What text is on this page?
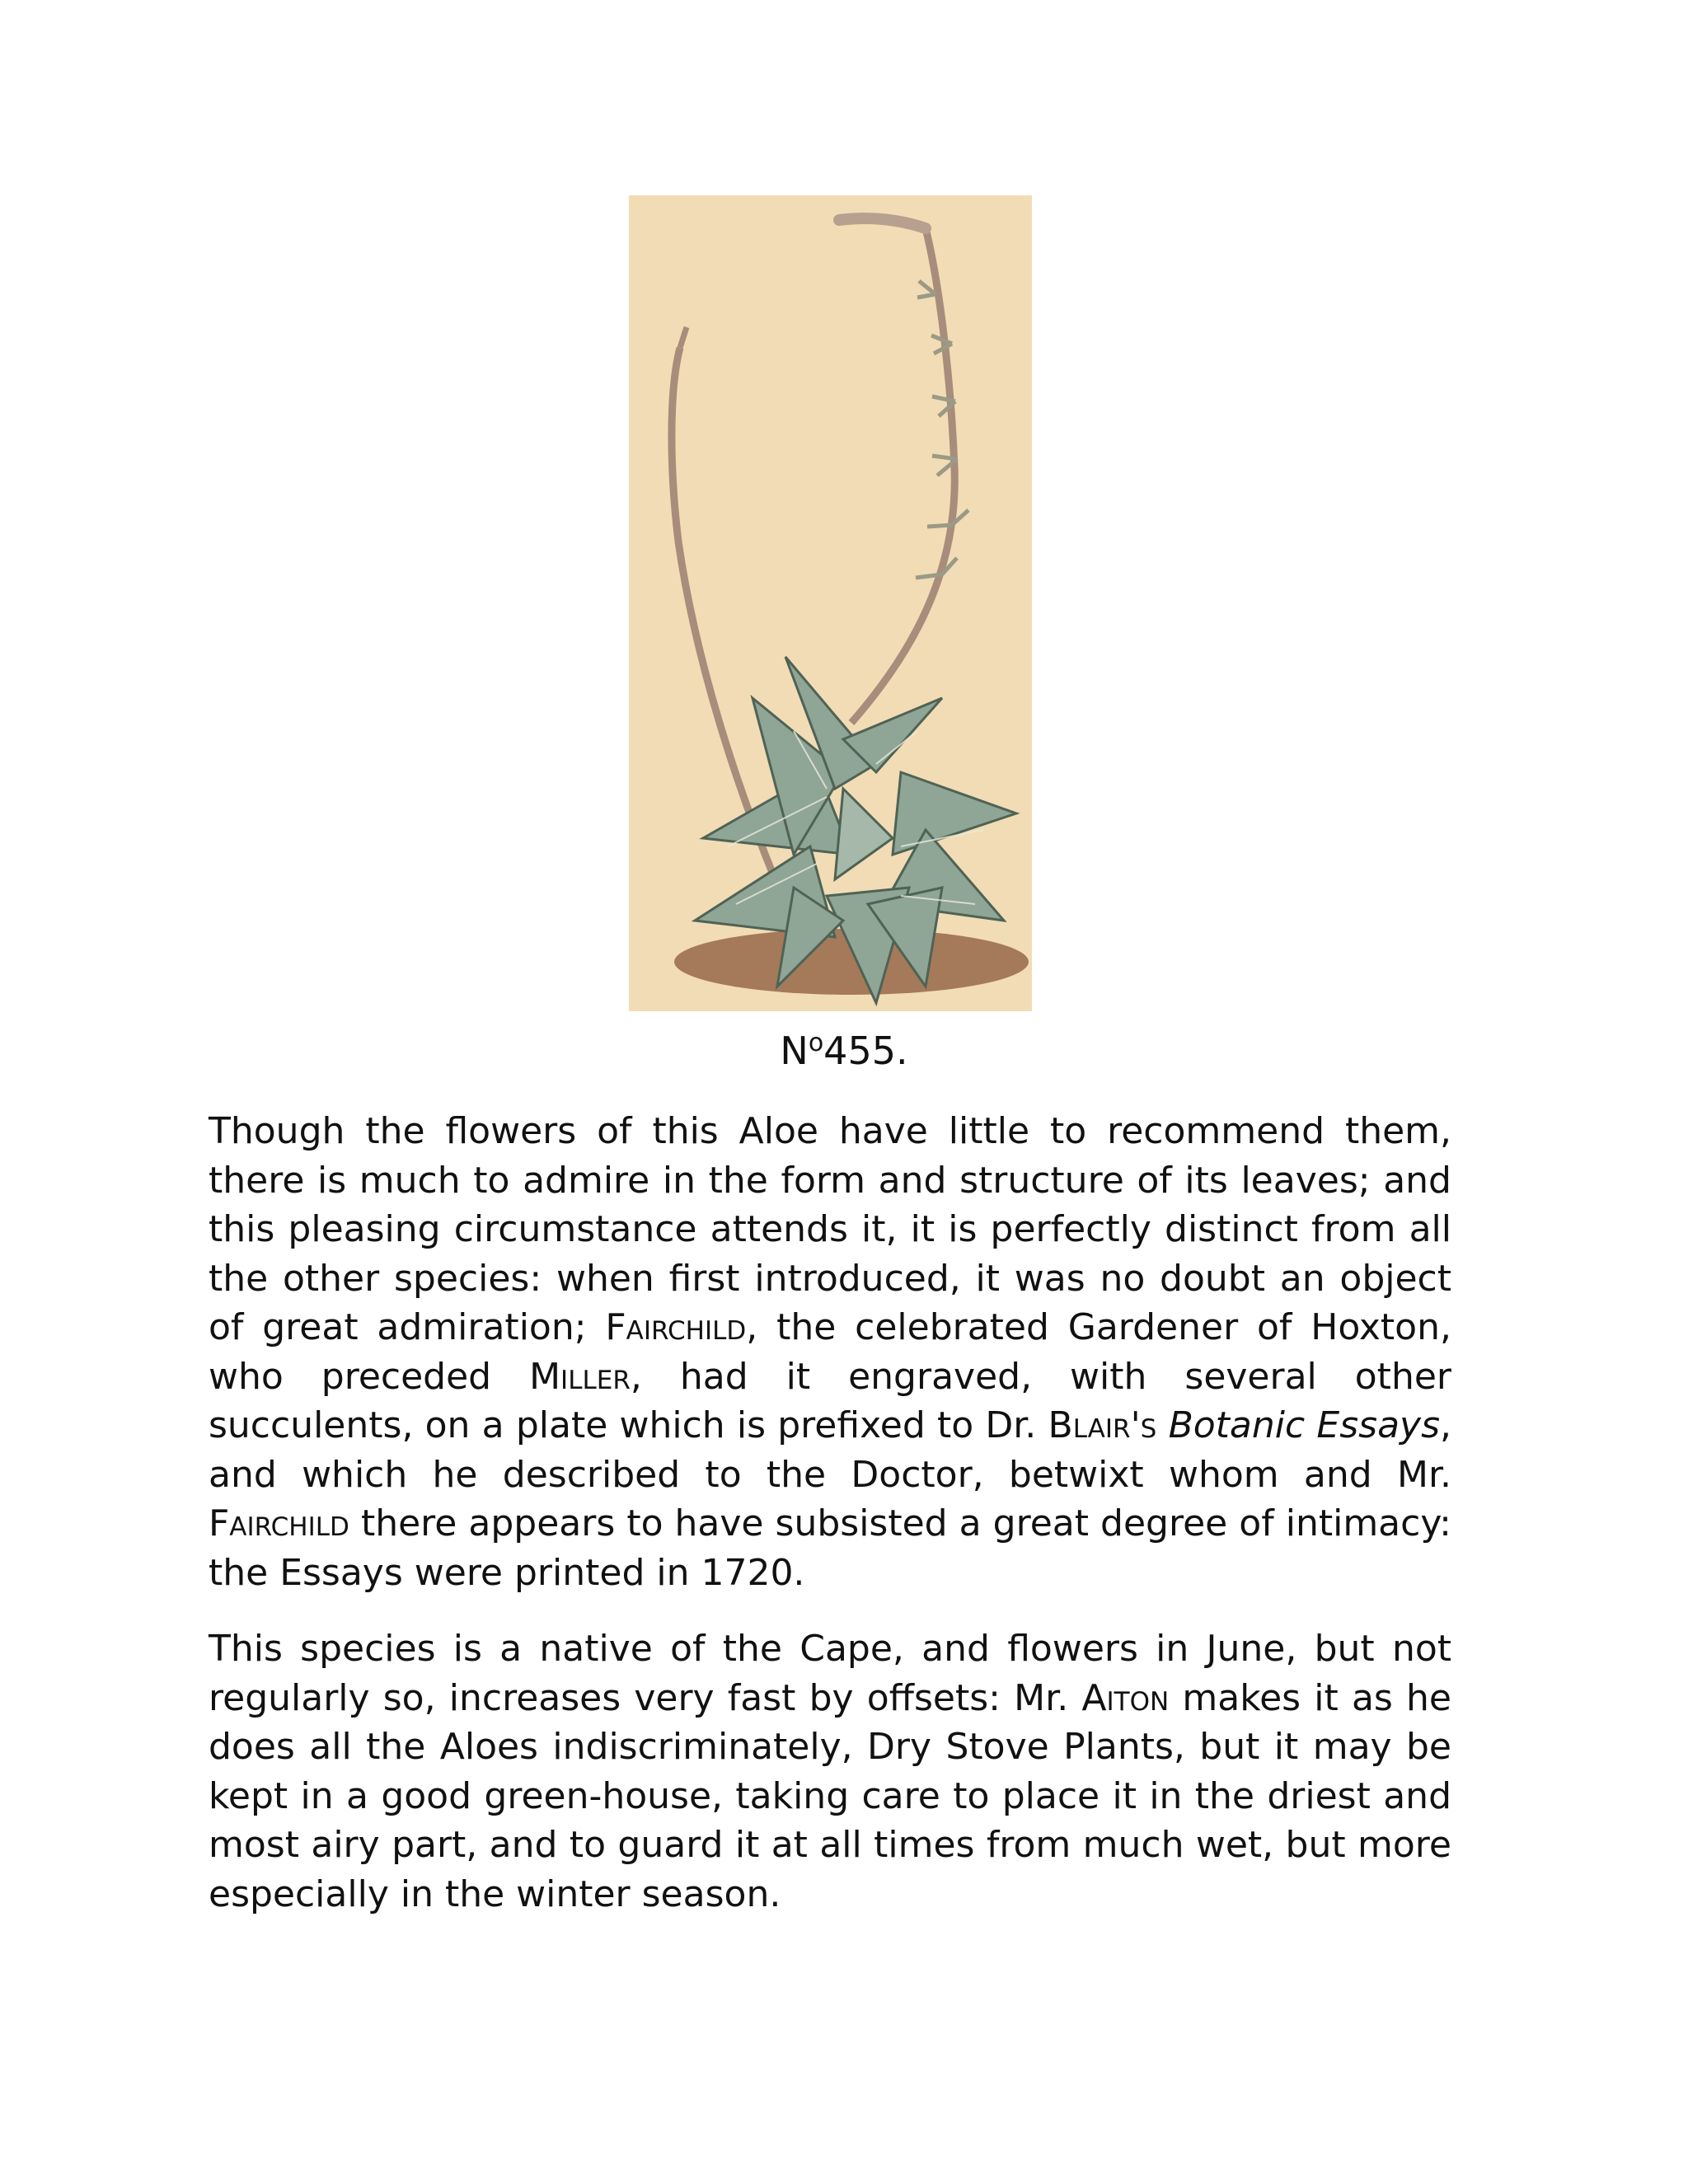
$N^o455$.

Though the flowers of this Aloe have little to recommend them, there is much to admire in the form and structure of its leaves; and this pleasing circumstance attends it, it is perfectly distinct from all the other species: when first introduced, it was no doubt an object of great admiration; Fairchild, the celebrated Gardener of Hoxton, who preceded Miller, had it engraved, with several other succulents, on a plate which is prefixed to Dr. Blair's Botanic Essays, and which he described to the Doctor, betwixt whom and Mr. Fairchild there appears to have subsisted a great degree of intimacy: the Essays were printed in 1720.

This species is a native of the Cape, and flowers in June, but not regularly so, increases very fast by offsets: Mr. Aiton makes it as he does all the Aloes indiscriminately, Dry Stove Plants, but it may be kept in a good green-house, taking care to place it in the driest and most airy part, and to guard it at all times from much wet, but more especially in the winter season.
